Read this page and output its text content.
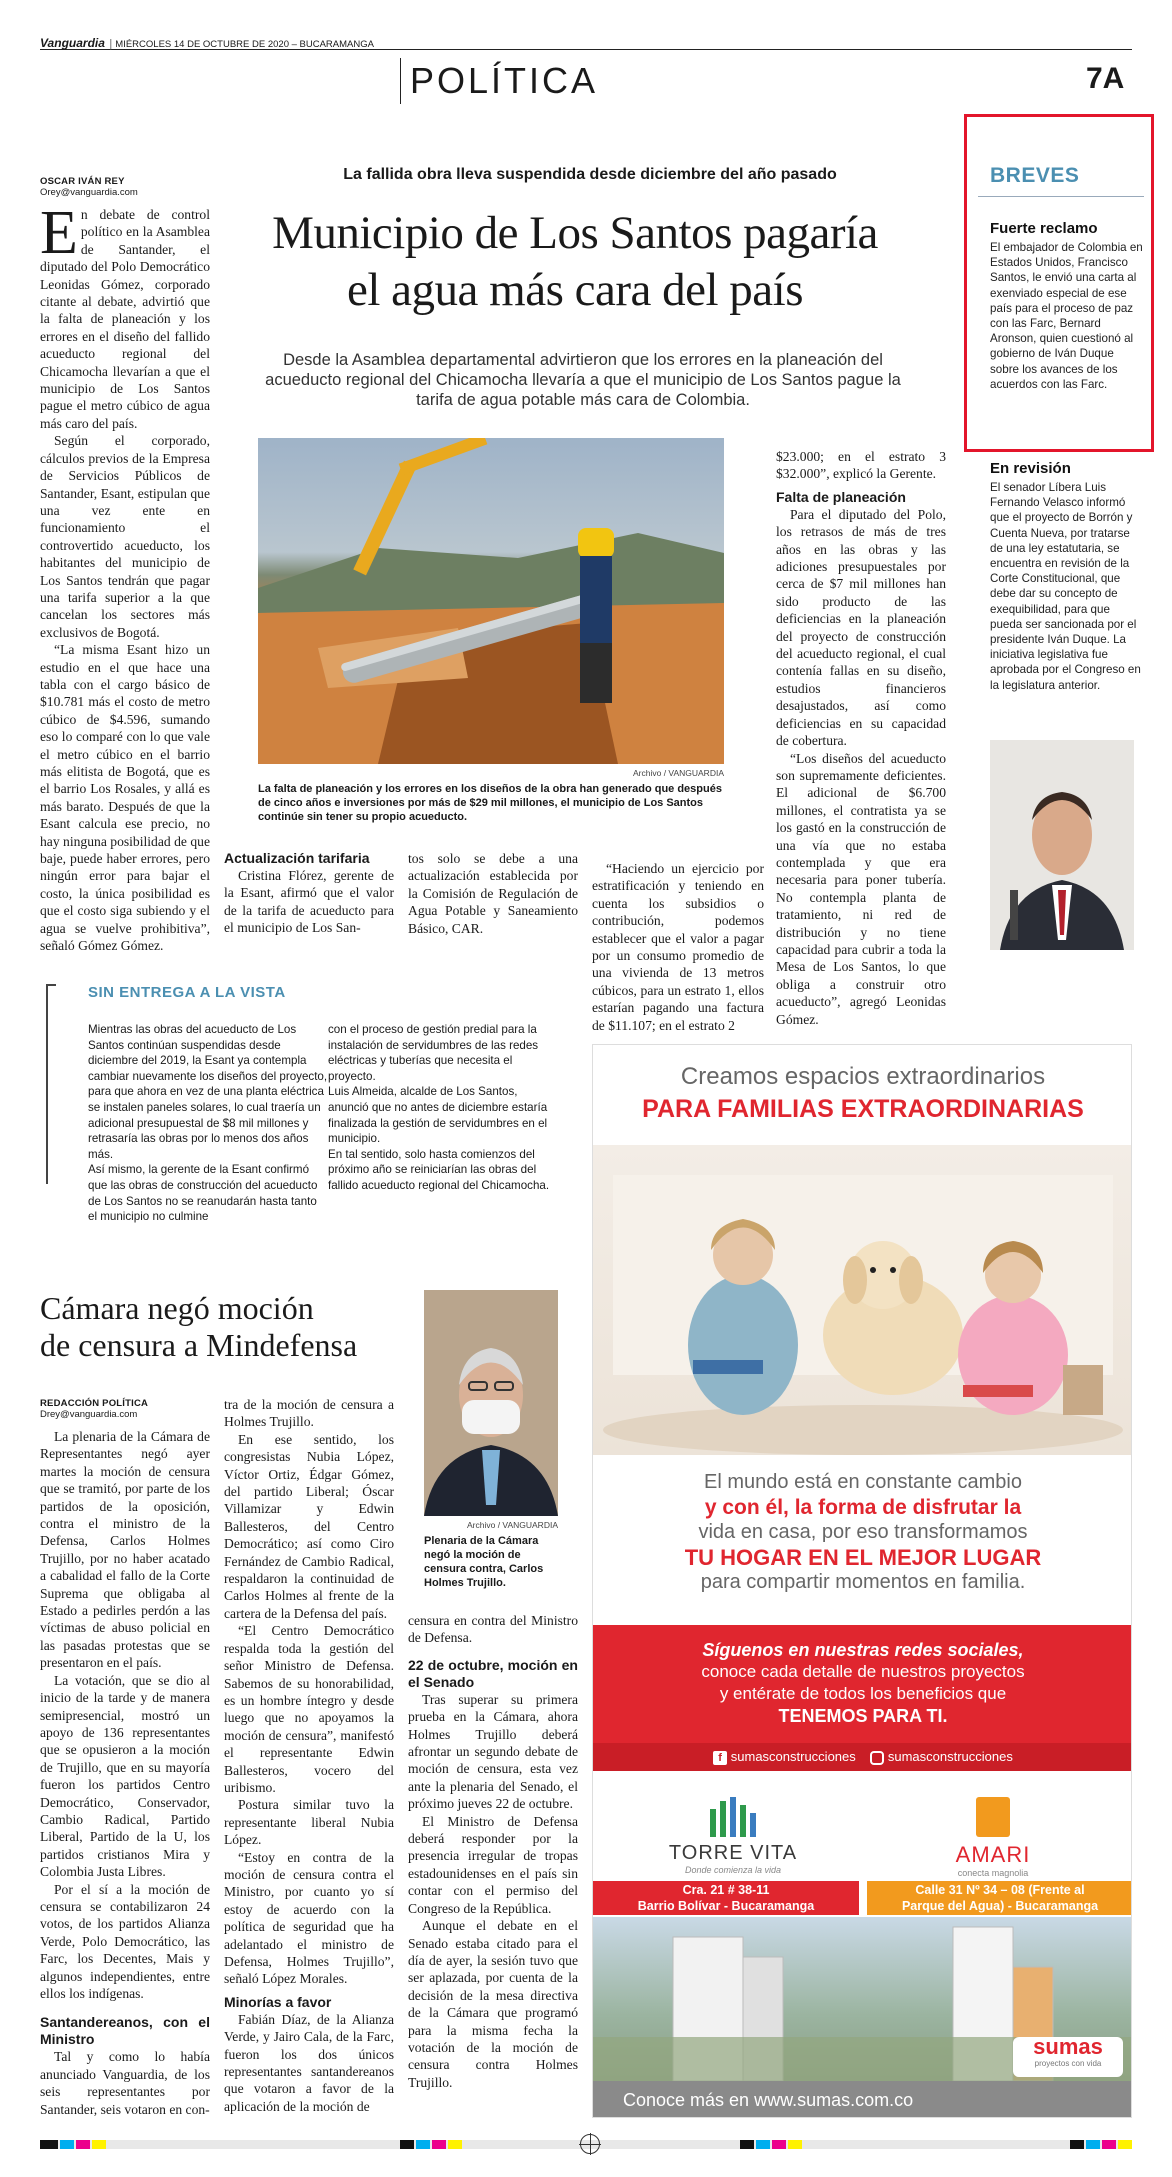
Vanguardia | MIÉRCOLES 14 DE OCTUBRE DE 2020 – BUCARAMANGA
POLÍTICA	7A
OSCAR IVÁN REY
Orey@vanguardia.com
La fallida obra lleva suspendida desde diciembre del año pasado
Municipio de Los Santos pagaría
el agua más cara del país
Desde la Asamblea departamental advirtieron que los errores en la planeación del acueducto regional del Chicamocha llevaría a que el municipio de Los Santos pague la tarifa de agua potable más cara de Colombia.

En debate de control político en la Asamblea de Santander, el diputado del Polo Democrático Leonidas Gómez, corporado citante al debate, advirtió que la falta de planeación y los errores en el diseño del fallido acueducto regional del Chicamocha llevarían a que el municipio de Los Santos pague el metro cúbico de agua más caro del país.

Según el corporado, cálculos previos de la Empresa de Servicios Públicos de Santander, Esant, estipulan que una vez ente en funcionamiento el controvertido acueducto, los habitantes del municipio de Los Santos tendrán que pagar una tarifa superior a la que cancelan los sectores más exclusivos de Bogotá.

“La misma Esant hizo un estudio en el que hace una tabla con el cargo básico de $10.781 más el costo de metro cúbico de $4.596, sumando eso lo comparé con lo que vale el metro cúbico en el barrio más elitista de Bogotá, que es el barrio Los Rosales, y allá es más barato. Después de que la Esant calcula ese precio, no hay ninguna posibilidad de que baje, puede haber errores, pero ningún error para bajar el costo, la única posibilidad es que el costo siga subiendo y el agua se vuelve prohibitiva”, señaló Gómez Gómez.

Archivo / VANGUARDIA
La falta de planeación y los errores en los diseños de la obra han generado que después de cinco años e inversiones por más de $29 mil millones, el municipio de Los Santos continúe sin tener su propio acueducto.
Actualización tarifaria

Cristina Flórez, gerente de la Esant, afirmó que el valor de la tarifa de acueducto para el municipio de Los San-

tos solo se debe a una actualización establecida por la Comisión de Regulación de Agua Potable y Saneamiento Básico, CAR.

“Haciendo un ejercicio por estratificación y teniendo en cuenta los subsidios o contribución, podemos establecer que el valor a pagar por un consumo promedio de una vivienda de 13 metros cúbicos, para un estrato 1, ellos estarían pagando una factura de $11.107; en el estrato 2

$23.000; en el estrato 3 $32.000”, explicó la Gerente.

Falta de planeación

Para el diputado del Polo, los retrasos de más de tres años en las obras y las adiciones presupuestales por cerca de $7 mil millones han sido producto de las deficiencias en la planeación del proyecto de construcción del acueducto regional, el cual contenía fallas en su diseño, estudios financieros desajustados, así como deficiencias en su capacidad de cobertura.

“Los diseños del acueducto son supremamente deficientes. El adicional de $6.700 millones, el contratista ya se los gastó en la construcción de una vía que no estaba contemplada y que era necesaria para poner tubería. No contempla planta de tratamiento, ni red de distribución y no tiene capacidad para cubrir a toda la Mesa de Los Santos, lo que obliga a construir otro acueducto”, agregó Leonidas Gómez.

BREVES
Fuerte reclamo
El embajador de Colombia en Estados Unidos, Francisco Santos, le envió una carta al exenviado especial de ese país para el proceso de paz con las Farc, Bernard Aronson, quien cuestionó al gobierno de Iván Duque sobre los avances de los acuerdos con las Farc.
En revisión
El senador Líbera Luis Fernando Velasco informó que el proyecto de Borrón y Cuenta Nueva, por tratarse de una ley estatutaria, se encuentra en revisión de la Corte Constitucional, que debe dar su concepto de exequibilidad, para que pueda ser sancionada por el presidente Iván Duque. La iniciativa legislativa fue aprobada por el Congreso en la legislatura anterior.
SIN ENTREGA A LA VISTA

Mientras las obras del acueducto de Los Santos continúan suspendidas desde diciembre del 2019, la Esant ya contempla cambiar nuevamente los diseños del proyecto, para que ahora en vez de una planta eléctrica se instalen paneles solares, lo cual traería un adicional presupuestal de $8 mil millones y retrasaría las obras por lo menos dos años más.

Así mismo, la gerente de la Esant confirmó que las obras de construcción del acueducto de Los Santos no se reanudarán hasta tanto el municipio no culmine

con el proceso de gestión predial para la instalación de servidumbres de las redes eléctricas y tuberías que necesita el proyecto.

Luis Almeida, alcalde de Los Santos, anunció que no antes de diciembre estaría finalizada la gestión de servidumbres en el municipio.

En tal sentido, solo hasta comienzos del próximo año se reiniciarían las obras del fallido acueducto regional del Chicamocha.

Cámara negó moción
de censura a Mindefensa
REDACCIÓN POLÍTICA
Drey@vanguardia.com

La plenaria de la Cámara de Representantes negó ayer martes la moción de censura que se tramitó, por parte de los partidos de la oposición, contra el ministro de la Defensa, Carlos Holmes Trujillo, por no haber acatado a cabalidad el fallo de la Corte Suprema que obligaba al Estado a pedirles perdón a las víctimas de abuso policial en las pasadas protestas que se presentaron en el país.

La votación, que se dio al inicio de la tarde y de manera semipresencial, mostró un apoyo de 136 representantes que se opusieron a la moción de Trujillo, que en su mayoría fueron los partidos Centro Democrático, Conservador, Cambio Radical, Partido Liberal, Partido de la U, los partidos cristianos Mira y Colombia Justa Libres.

Por el sí a la moción de censura se contabilizaron 24 votos, de los partidos Alianza Verde, Polo Democrático, las Farc, los Decentes, Mais y algunos independientes, entre ellos los indígenas.

Santandereanos, con el Ministro

Tal y como lo había anunciado Vanguardia, de los seis representantes por Santander, seis votaron en con-

tra de la moción de censura a Holmes Trujillo.

En ese sentido, los congresistas Nubia López, Víctor Ortiz, Édgar Gómez, del partido Liberal; Óscar Villamizar y Edwin Ballesteros, del Centro Democrático; así como Ciro Fernández de Cambio Radical, respaldaron la continuidad de Carlos Holmes al frente de la cartera de la Defensa del país.

“El Centro Democrático respalda toda la gestión del señor Ministro de Defensa. Sabemos de su honorabilidad, es un hombre íntegro y desde luego que no apoyamos la moción de censura”, manifestó el representante Edwin Ballesteros, vocero del uribismo.

Postura similar tuvo la representante liberal Nubia López.

“Estoy en contra de la moción de censura contra el Ministro, por cuanto yo sí estoy de acuerdo con la política de seguridad que ha adelantado el ministro de Defensa, Holmes Trujillo”, señaló López Morales.

Minorías a favor

Fabián Díaz, de la Alianza Verde, y Jairo Cala, de la Farc, fueron los dos únicos representantes santandereanos que votaron a favor de la aplicación de la moción de

Archivo / VANGUARDIA
Plenaria de la Cámara negó la moción de censura contra, Carlos Holmes Trujillo.

censura en contra del Ministro de Defensa.

22 de octubre, moción en el Senado

Tras superar su primera prueba en la Cámara, ahora Holmes Trujillo deberá afrontar un segundo debate de moción de censura, esta vez ante la plenaria del Senado, el próximo jueves 22 de octubre.

El Ministro de Defensa deberá responder por la presencia irregular de tropas estadounidenses en el país sin contar con el permiso del Congreso de la República.

Aunque el debate en el Senado estaba citado para el día de ayer, la sesión tuvo que ser aplazada, por cuenta de la decisión de la mesa directiva de la Cámara que programó para la misma fecha la votación de la moción de censura contra Holmes Trujillo.

Creamos espacios extraordinarios
PARA FAMILIAS EXTRAORDINARIAS
El mundo está en constante cambio
y con él, la forma de disfrutar la
vida en casa, por eso transformamos
TU HOGAR EN EL MEJOR LUGAR
para compartir momentos en familia.
Síguenos en nuestras redes sociales,
conoce cada detalle de nuestros proyectos
y entérate de todos los beneficios que
TENEMOS PARA TI.
f sumasconstrucciones sumasconstrucciones
TORRE VITA
Donde comienza la vida
AMARI
conecta magnolia
Cra. 21 # 38-11
Barrio Bolívar - Bucaramanga
Calle 31 Nº 34 – 08 (Frente al
Parque del Agua) - Bucaramanga
sumas
proyectos con vida
Conoce más en www.sumas.com.co
